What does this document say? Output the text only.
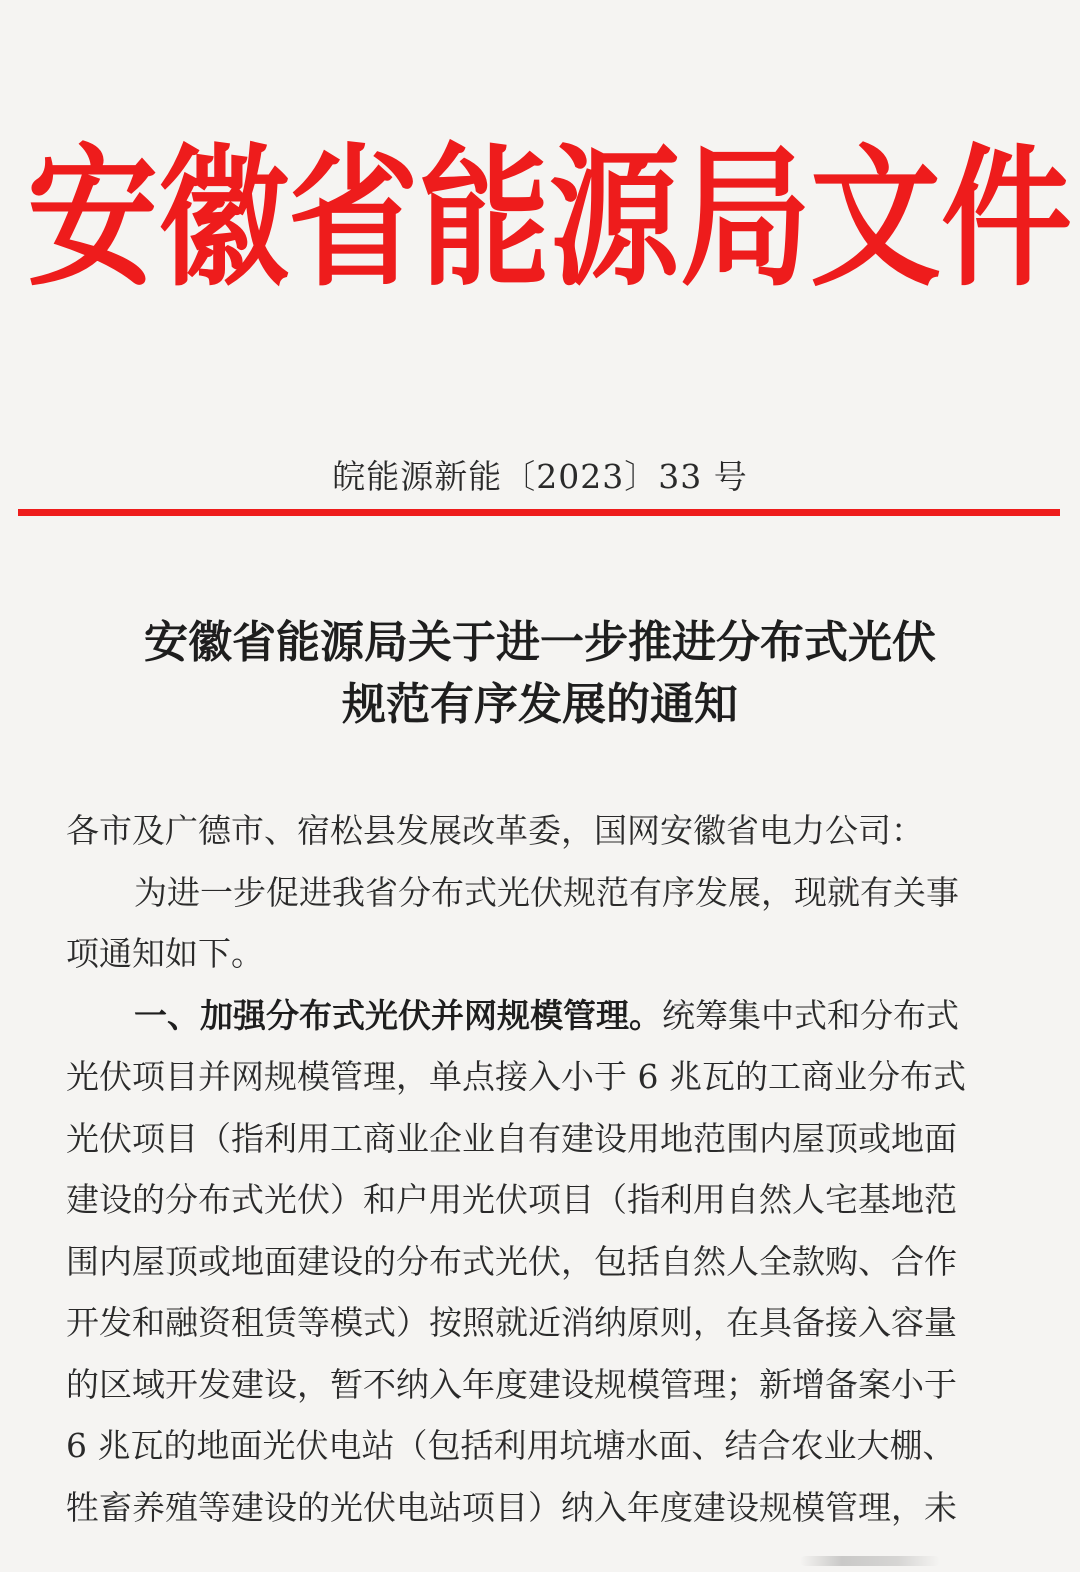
安 徽 省 能 源 局 文 件
皖能源新能〔2023〕33 号
安徽省能源局关于进一步推进分布式光伏
规范有序发展的通知
各市及广德市、宿松县发展改革委，国网安徽省电力公司：
为进一步促进我省分布式光伏规范有序发展，现就有关事
项通知如下。
一、加强分布式光伏并网规模管理。统筹集中式和分布式
光伏项目并网规模管理，单点接入小于 6 兆瓦的工商业分布式
光伏项目（指利用工商业企业自有建设用地范围内屋顶或地面
建设的分布式光伏）和户用光伏项目（指利用自然人宅基地范
围内屋顶或地面建设的分布式光伏，包括自然人全款购、合作
开发和融资租赁等模式）按照就近消纳原则，在具备接入容量
的区域开发建设，暂不纳入年度建设规模管理；新增备案小于
6 兆瓦的地面光伏电站（包括利用坑塘水面、结合农业大棚、
牲畜养殖等建设的光伏电站项目）纳入年度建设规模管理，未
